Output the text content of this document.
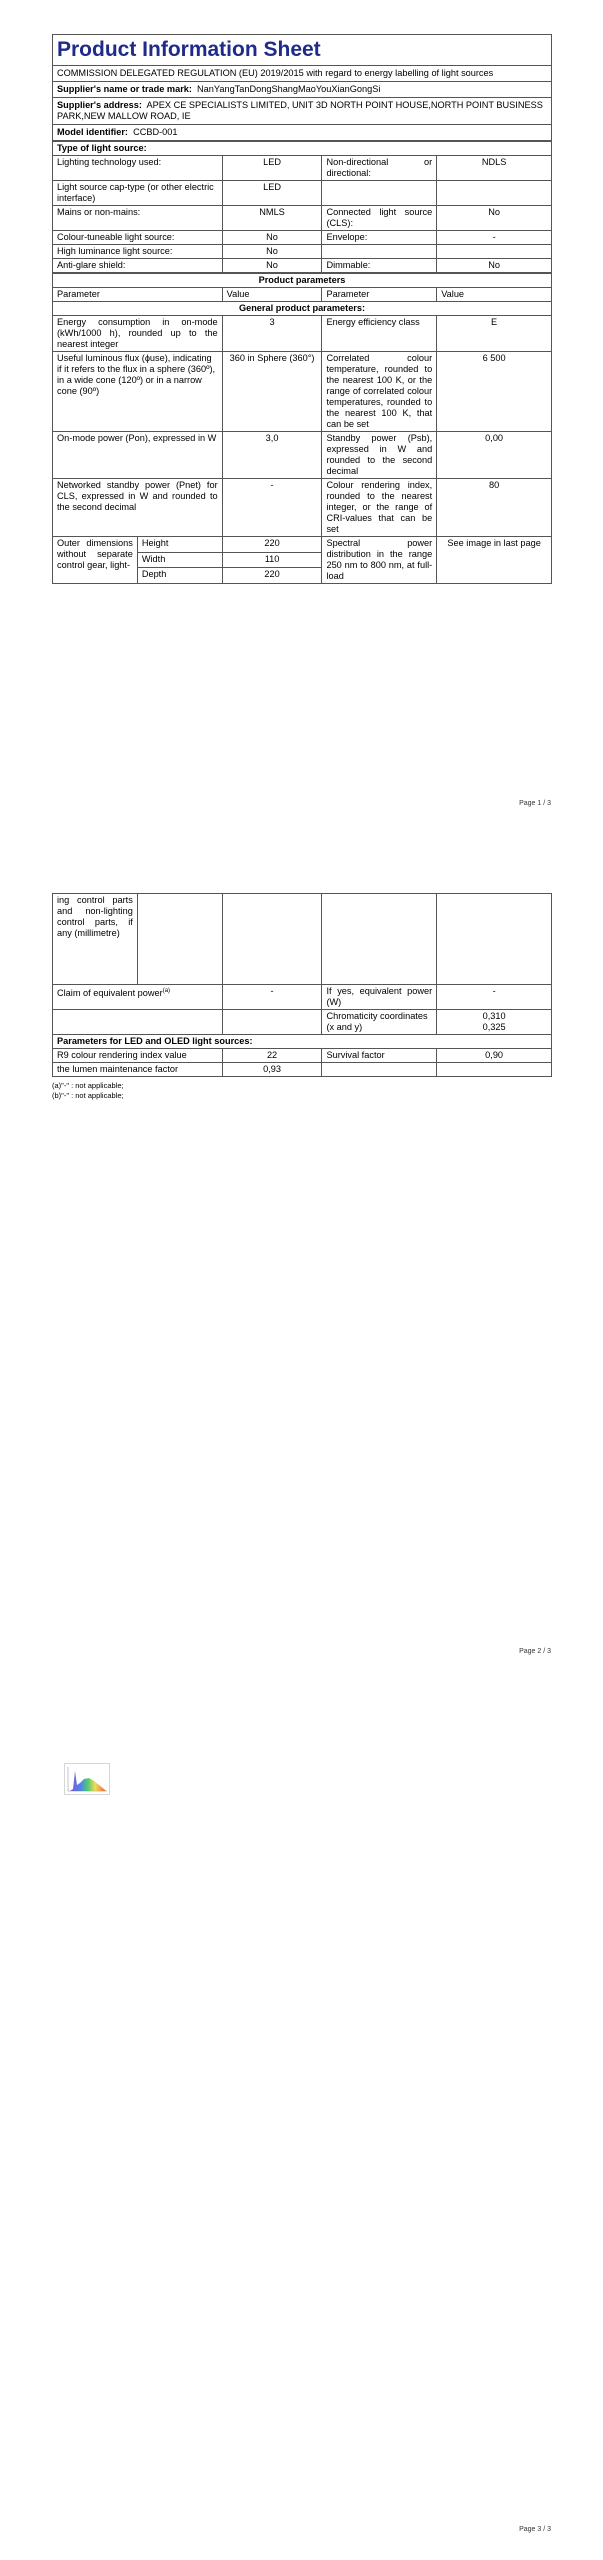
Product Information Sheet
COMMISSION DELEGATED REGULATION (EU) 2019/2015 with regard to energy labelling of light sources
Supplier's name or trade mark: NanYangTanDongShangMaoYouXianGongSi
Supplier's address: APEX CE SPECIALISTS LIMITED, UNIT 3D NORTH POINT HOUSE,NORTH POINT BUSINESS PARK,NEW MALLOW ROAD, IE
Model identifier: CCBD-001
Type of light source:			
Lighting technology used:	LED	Non-directional or directional:	NDLS
Light source cap-type (or other electric interface)	LED		
Mains or non-mains:	NMLS	Connected light source (CLS):	No
Colour-tuneable light source:	No	Envelope:	-
High luminance light source:	No		
Anti-glare shield:	No	Dimmable:	No
Product parameters				
Parameter		Value	Parameter	Value
General product parameters:				
Energy consumption in on-mode (kWh/1000 h), rounded up to the nearest integer		3	Energy efficiency class	E
Useful luminous flux (ɸuse), indicating if it refers to the flux in a sphere (360º), in a wide cone (120º) or in a narrow cone (90º)		360 in Sphere (360°)	Correlated colour temperature, rounded to the nearest 100 K, or the range of correlated colour temperatures, rounded to the nearest 100 K, that can be set	6 500
On-mode power (Pon), expressed in W		3,0	Standby power (Psb), expressed in W and rounded to the second decimal	0,00
Networked standby power (Pnet) for CLS, expressed in W and rounded to the second decimal		-	Colour rendering index, rounded to the nearest integer, or the range of CRI-values that can be set	80
Outer dimensions without separate control gear, light-	Height	220	Spectral power distribution in the range 250 nm to 800 nm, at full-load	See image in last page
	Width	110		
	Depth	220		
Page 1 / 3
ing control parts and non-lighting control parts, if any (millimetre)				
Claim of equivalent power$^{(a)}$		-	If yes, equivalent power (W)	-
			Chromaticity coordinates (x and y)	0,310
0,325

Parameters for LED and OLED light sources:				
R9 colour rendering index value		22	Survival factor	0,90
the lumen maintenance factor		0,93		
(a)"-" : not applicable;
(b)"-" : not applicable;
Page 2 / 3
Page 3 / 3
